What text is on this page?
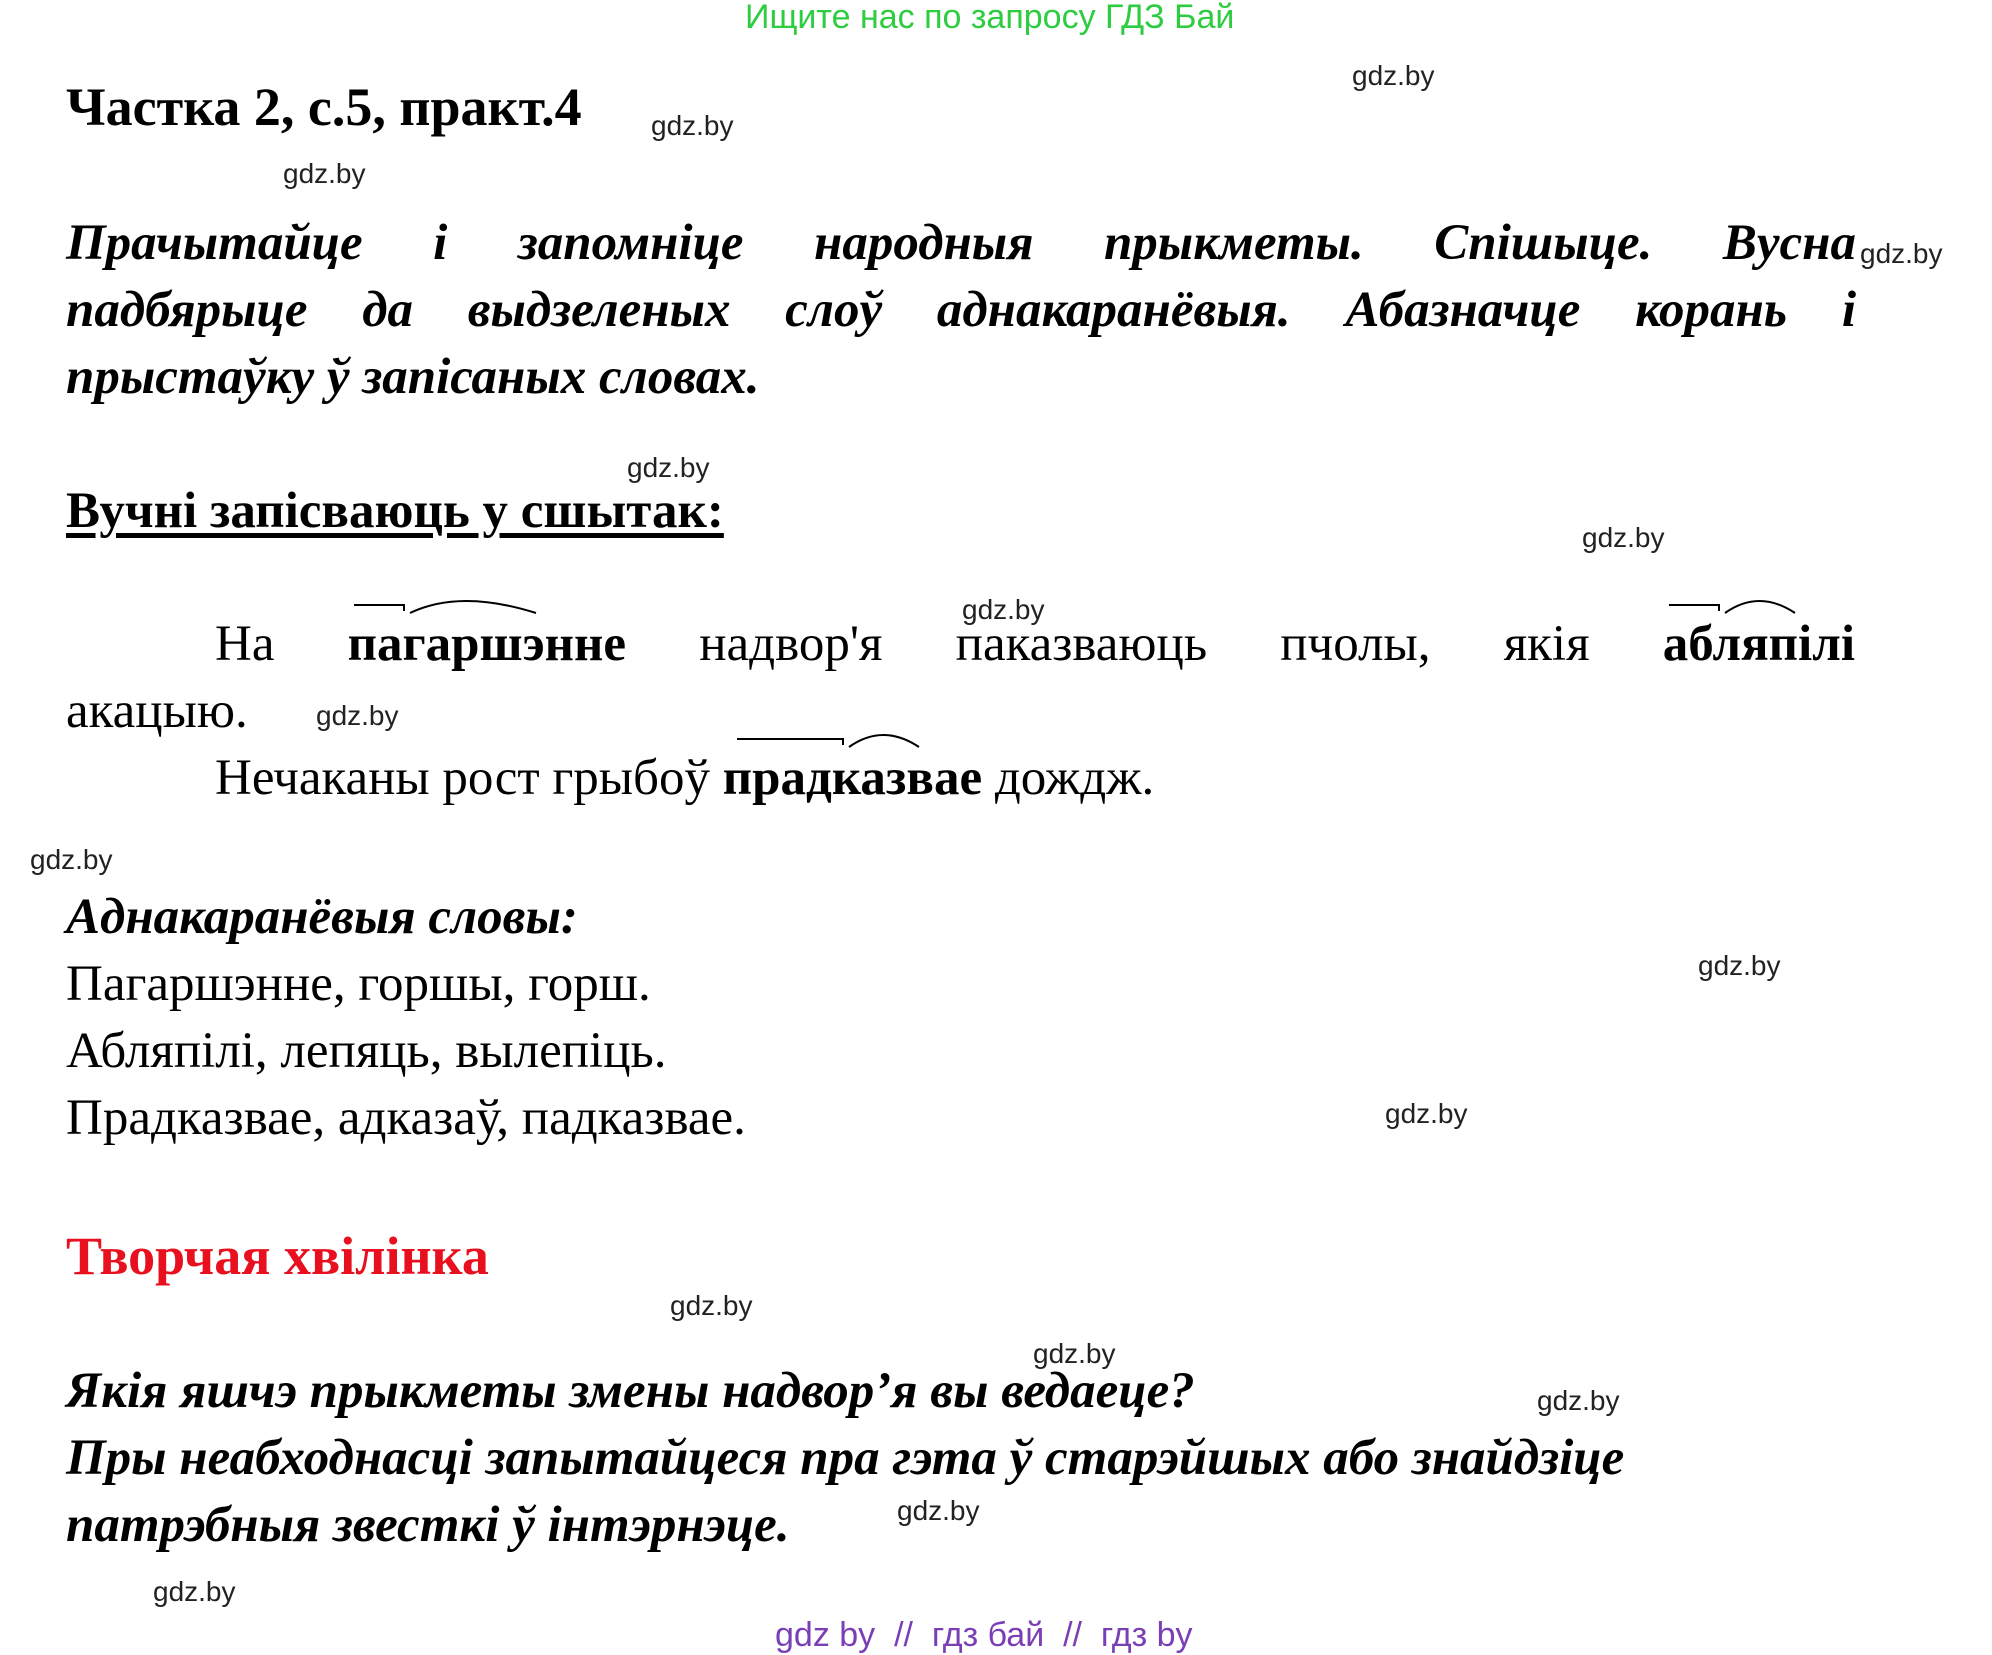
Ищите нас по запросу ГДЗ Бай
Частка 2, с.5, практ.4
Прачытайце і запомніце народныя прыкметы. Спішыце. Вусна
падбярыце да выдзеленых слоў аднакаранёвыя. Абазначце корань і
прыстаўку ў запісаных словах.
Вучні запісваюць у сшытак:
На пагаршэнне надвор'я паказваюць пчолы, якія абляпілі
акацыю.
Нечаканы рост грыбоў прадказвае дождж.
Аднакаранёвыя словы:
Пагаршэнне, горшы, горш.
Абляпілі, лепяць, вылепіць.
Прадказвае, адказаў, падказвае.
Творчая хвілінка
Якія яшчэ прыкметы змены надвор’я вы ведаеце?
Пры неабходнасці запытайцеся пра гэта ў старэйшых або знайдзіце
патрэбныя звесткі ў інтэрнэце.
gdz.by
gdz.by
gdz.by
gdz.by
gdz.by
gdz.by
gdz.by
gdz.by
gdz.by
gdz.by
gdz.by
gdz.by
gdz.by
gdz.by
gdz.by
gdz.by
gdz by  //  гдз бай  //  гдз by
